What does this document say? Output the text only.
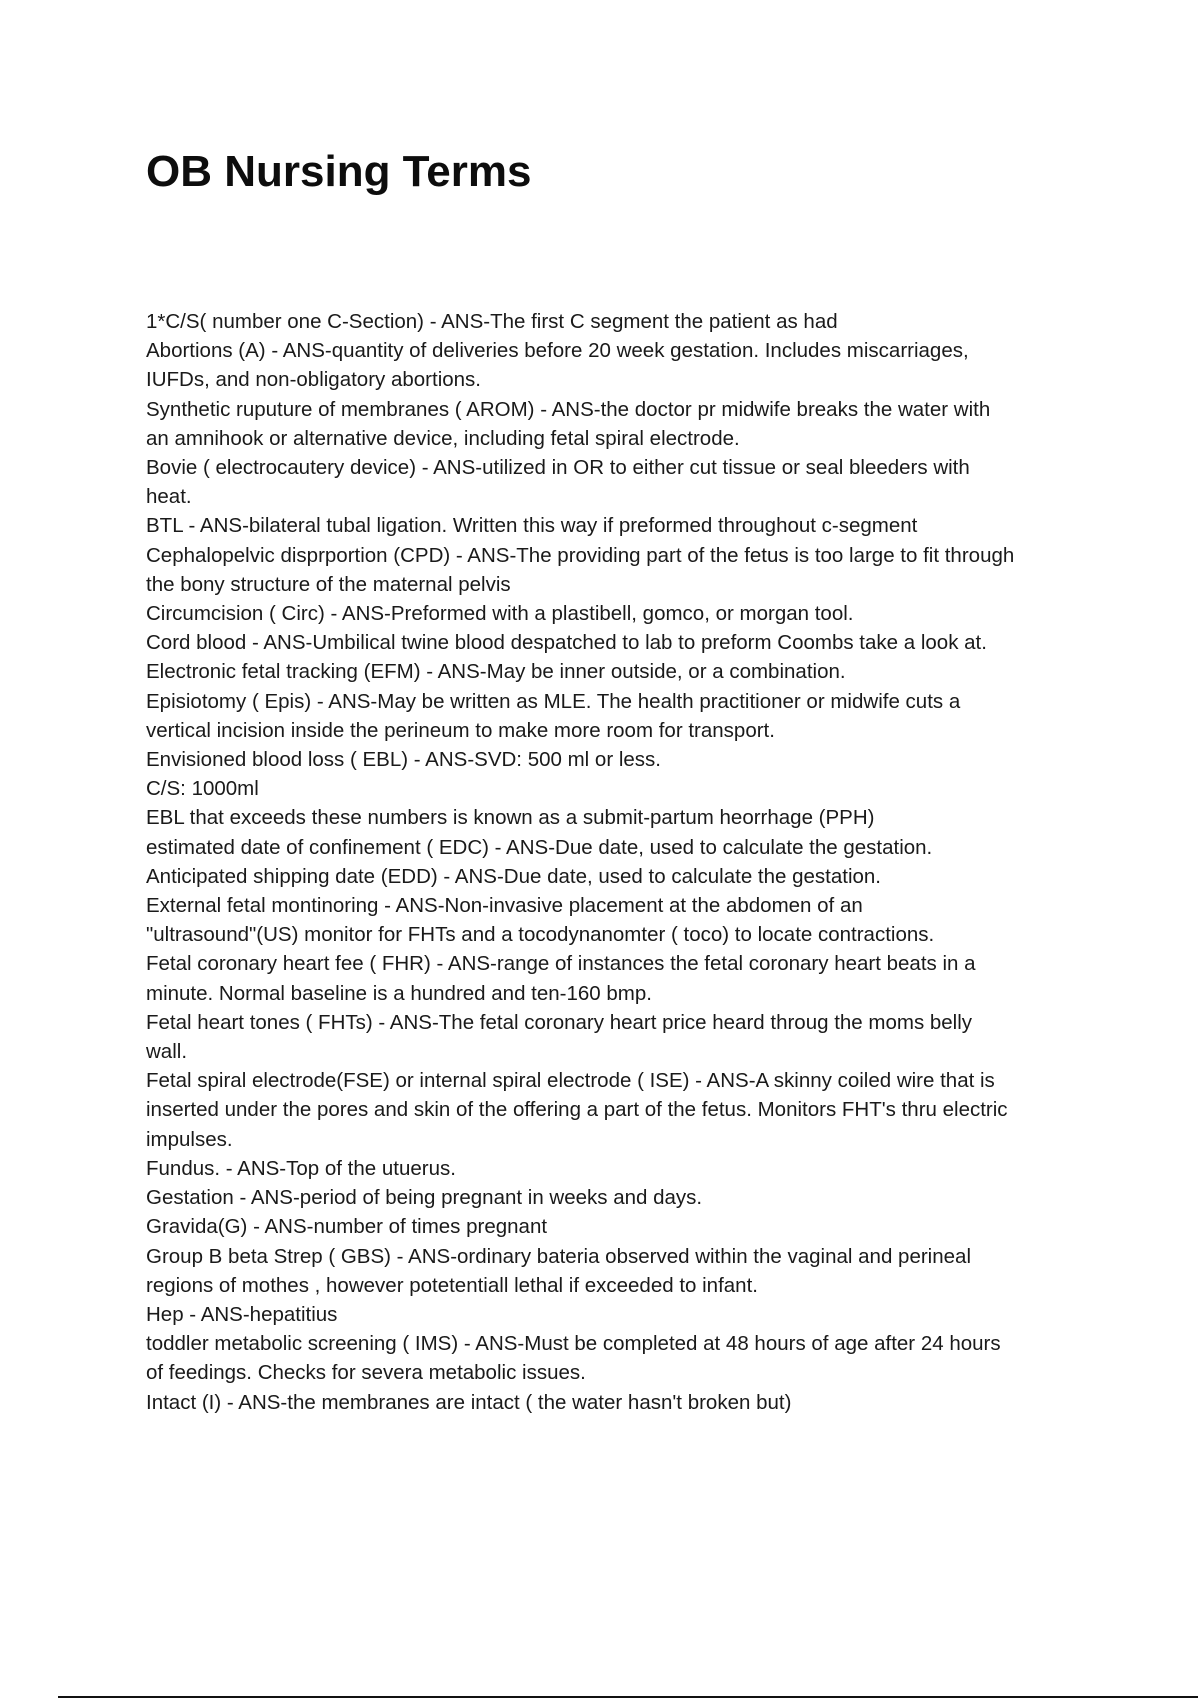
OB Nursing Terms
1*C/S( number one C-Section) - ANS-The first C segment the patient as had
Abortions (A) - ANS-quantity of deliveries before 20 week gestation. Includes miscarriages,
IUFDs, and non-obligatory abortions.
Synthetic ruputure of membranes ( AROM) - ANS-the doctor pr midwife breaks the water with
an amnihook or alternative device, including fetal spiral electrode.
Bovie ( electrocautery device) - ANS-utilized in OR to either cut tissue or seal bleeders with
heat.
BTL - ANS-bilateral tubal ligation. Written this way if preformed throughout c-segment
Cephalopelvic disprportion (CPD) - ANS-The providing part of the fetus is too large to fit through
the bony structure of the maternal pelvis
Circumcision ( Circ) - ANS-Preformed with a plastibell, gomco, or morgan tool.
Cord blood - ANS-Umbilical twine blood despatched to lab to preform Coombs take a look at.
Electronic fetal tracking (EFM) - ANS-May be inner outside, or a combination.
Episiotomy ( Epis) - ANS-May be written as MLE. The health practitioner or midwife cuts a
vertical incision inside the perineum to make more room for transport.
Envisioned blood loss ( EBL) - ANS-SVD: 500 ml or less.
C/S: 1000ml
EBL that exceeds these numbers is known as a submit-partum heorrhage (PPH)
estimated date of confinement ( EDC) - ANS-Due date, used to calculate the gestation.
Anticipated shipping date (EDD) - ANS-Due date, used to calculate the gestation.
External fetal montinoring - ANS-Non-invasive placement at the abdomen of an
"ultrasound"(US) monitor for FHTs and a tocodynanomter ( toco) to locate contractions.
Fetal coronary heart fee ( FHR) - ANS-range of instances the fetal coronary heart beats in a
minute. Normal baseline is a hundred and ten-160 bmp.
Fetal heart tones ( FHTs) - ANS-The fetal coronary heart price heard throug the moms belly
wall.
Fetal spiral electrode(FSE) or internal spiral electrode ( ISE) - ANS-A skinny coiled wire that is
inserted under the pores and skin of the offering a part of the fetus. Monitors FHT's thru electric
impulses.
Fundus. - ANS-Top of the utuerus.
Gestation - ANS-period of being pregnant in weeks and days.
Gravida(G) - ANS-number of times pregnant
Group B beta Strep ( GBS) - ANS-ordinary bateria observed within the vaginal and perineal
regions of mothes , however potetentiall lethal if exceeded to infant.
Hep - ANS-hepatitius
toddler metabolic screening ( IMS) - ANS-Must be completed at 48 hours of age after 24 hours
of feedings. Checks for severa metabolic issues.
Intact (I) - ANS-the membranes are intact ( the water hasn't broken but)
